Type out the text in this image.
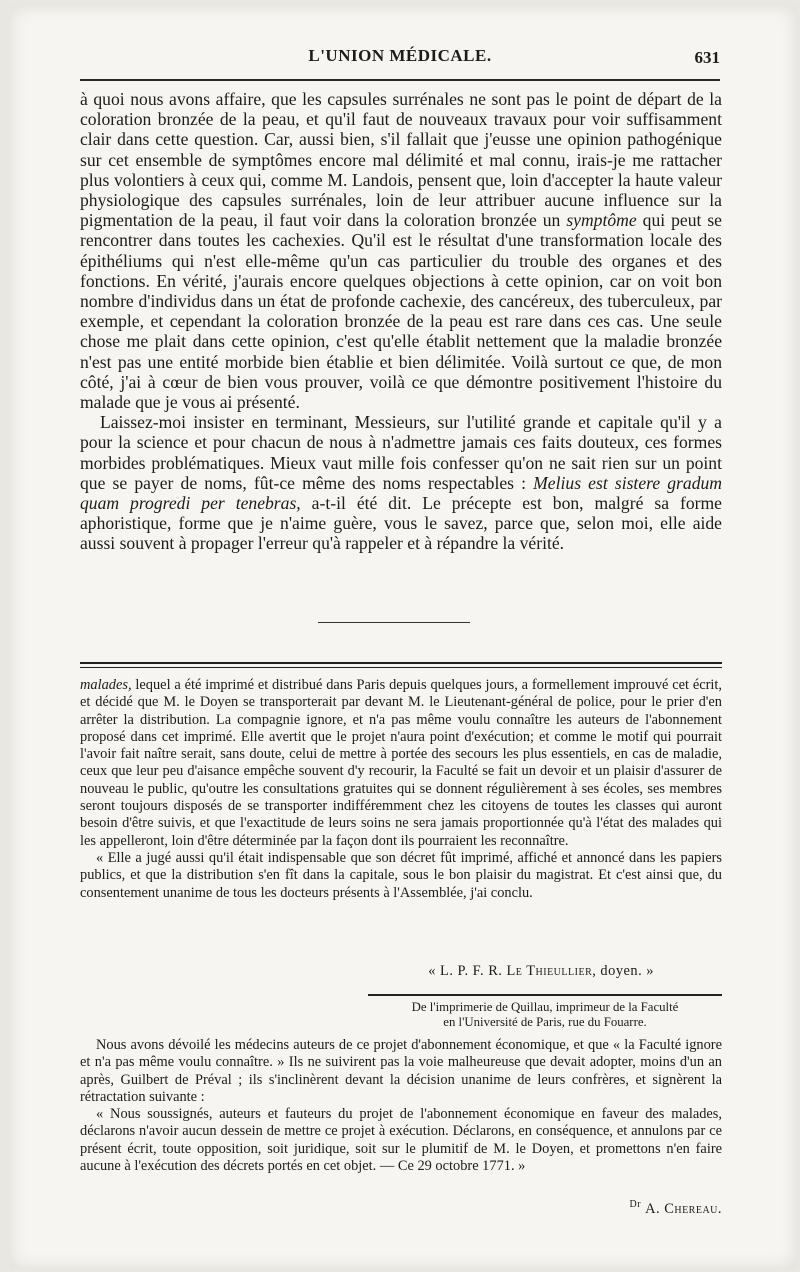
L'UNION MÉDICALE.	631

à quoi nous avons affaire, que les capsules surrénales ne sont pas le point de départ de la coloration bronzée de la peau, et qu'il faut de nouveaux travaux pour voir suffisamment clair dans cette question. Car, aussi bien, s'il fallait que j'eusse une opinion pathogénique sur cet ensemble de symptômes encore mal délimité et mal connu, irais-je me rattacher plus volontiers à ceux qui, comme M. Landois, pensent que, loin d'accepter la haute valeur physiologique des capsules surrénales, loin de leur attribuer aucune influence sur la pigmentation de la peau, il faut voir dans la coloration bronzée un symptôme qui peut se rencontrer dans toutes les cachexies. Qu'il est le résultat d'une transformation locale des épithéliums qui n'est elle-même qu'un cas particulier du trouble des organes et des fonctions. En vérité, j'aurais encore quelques objections à cette opinion, car on voit bon nombre d'individus dans un état de profonde cachexie, des cancéreux, des tuberculeux, par exemple, et cependant la coloration bronzée de la peau est rare dans ces cas. Une seule chose me plait dans cette opinion, c'est qu'elle établit nettement que la maladie bronzée n'est pas une entité morbide bien établie et bien délimitée. Voilà surtout ce que, de mon côté, j'ai à cœur de bien vous prouver, voilà ce que démontre positivement l'histoire du malade que je vous ai présenté.

Laissez-moi insister en terminant, Messieurs, sur l'utilité grande et capitale qu'il y a pour la science et pour chacun de nous à n'admettre jamais ces faits douteux, ces formes morbides problématiques. Mieux vaut mille fois confesser qu'on ne sait rien sur un point que se payer de noms, fût-ce même des noms respectables : Melius est sistere gradum quam progredi per tenebras, a-t-il été dit. Le précepte est bon, malgré sa forme aphoristique, forme que je n'aime guère, vous le savez, parce que, selon moi, elle aide aussi souvent à propager l'erreur qu'à rappeler et à répandre la vérité.

malades, lequel a été imprimé et distribué dans Paris depuis quelques jours, a formellement improuvé cet écrit, et décidé que M. le Doyen se transporterait par devant M. le Lieutenant-général de police, pour le prier d'en arrêter la distribution. La compagnie ignore, et n'a pas même voulu connaître les auteurs de l'abonnement proposé dans cet imprimé. Elle avertit que le projet n'aura point d'exécution; et comme le motif qui pourrait l'avoir fait naître serait, sans doute, celui de mettre à portée des secours les plus essentiels, en cas de maladie, ceux que leur peu d'aisance empêche souvent d'y recourir, la Faculté se fait un devoir et un plaisir d'assurer de nouveau le public, qu'outre les consultations gratuites qui se donnent régulièrement à ses écoles, ses membres seront toujours disposés de se transporter indifféremment chez les citoyens de toutes les classes qui auront besoin d'être suivis, et que l'exactitude de leurs soins ne sera jamais proportionnée qu'à l'état des malades qui les appelleront, loin d'être déterminée par la façon dont ils pourraient les reconnaître.

« Elle a jugé aussi qu'il était indispensable que son décret fût imprimé, affiché et annoncé dans les papiers publics, et que la distribution s'en fît dans la capitale, sous le bon plaisir du magistrat. Et c'est ainsi que, du consentement unanime de tous les docteurs présents à l'Assemblée, j'ai conclu.

« L. P. F. R. Le Thieullier, doyen. »

De l'imprimerie de Quillau, imprimeur de la Faculté

en l'Université de Paris, rue du Fouarre.

Nous avons dévoilé les médecins auteurs de ce projet d'abonnement économique, et que « la Faculté ignore et n'a pas même voulu connaître. » Ils ne suivirent pas la voie malheureuse que devait adopter, moins d'un an après, Guilbert de Préval ; ils s'inclinèrent devant la décision unanime de leurs confrères, et signèrent la rétractation suivante :

« Nous soussignés, auteurs et fauteurs du projet de l'abonnement économique en faveur des malades, déclarons n'avoir aucun dessein de mettre ce projet à exécution. Déclarons, en conséquence, et annulons par ce présent écrit, toute opposition, soit juridique, soit sur le plumitif de M. le Doyen, et promettons n'en faire aucune à l'exécution des décrets portés en cet objet. — Ce 29 octobre 1771. »

$^{Dr}$ A. Chereau.
